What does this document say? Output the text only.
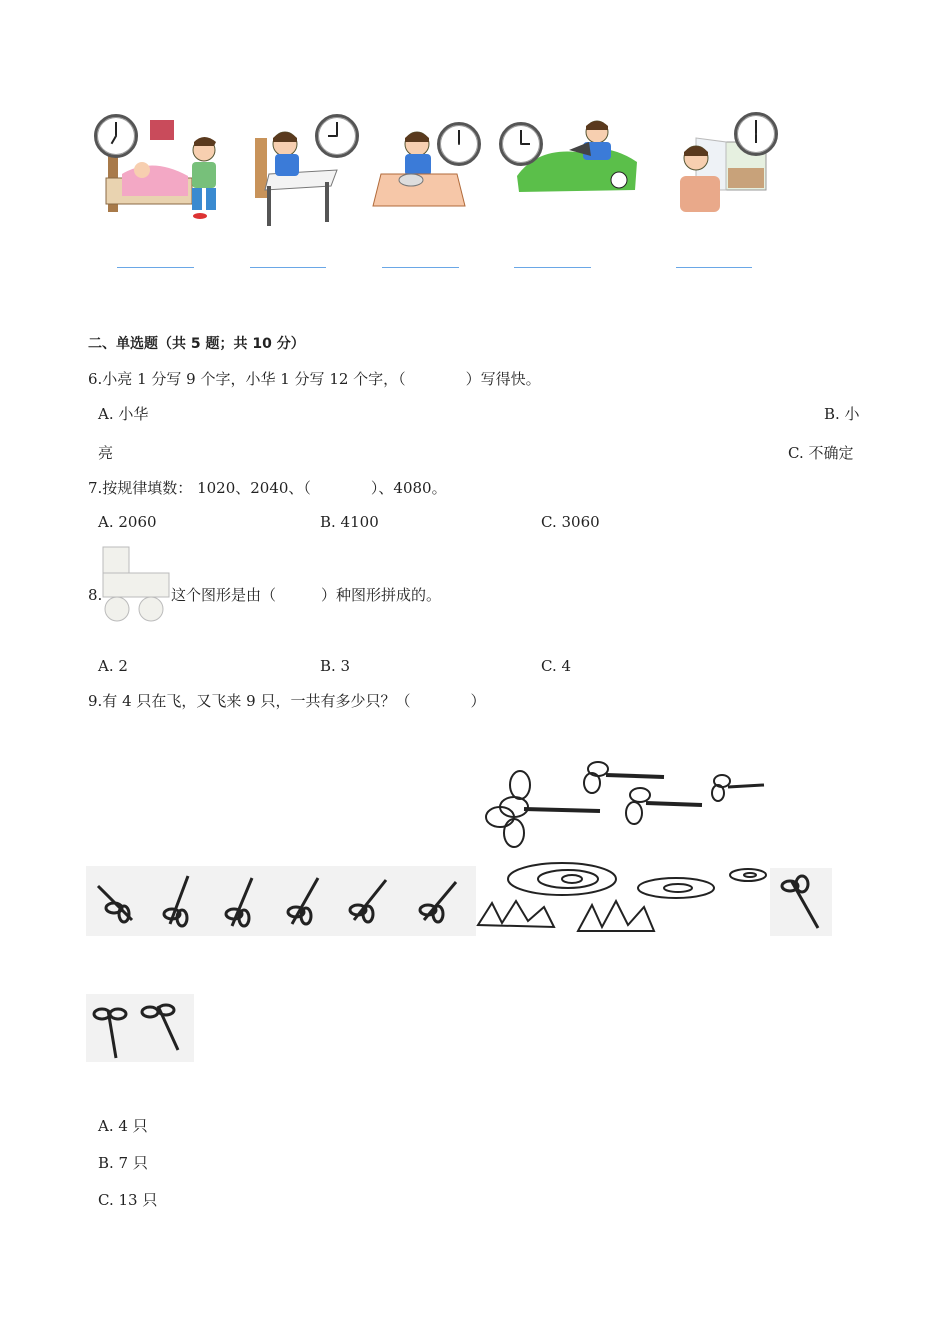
二、单选题（共 5 题；共 10 分）
6.小亮 1 分写 9 个字，小华 1 分写 12 个字，（　　　　）写得快。
A. 小华	B. 小
亮	C. 不确定
7.按规律填数： 1020、2040、（　　　　）、4080。
A. 2060	B. 4100	C. 3060
8.	这个图形是由（　　　）种图形拼成的。
A. 2	B. 3	C. 4
9.有 4 只在飞，又飞来 9 只，一共有多少只？（　　　　）
A. 4 只
B. 7 只
C. 13 只
